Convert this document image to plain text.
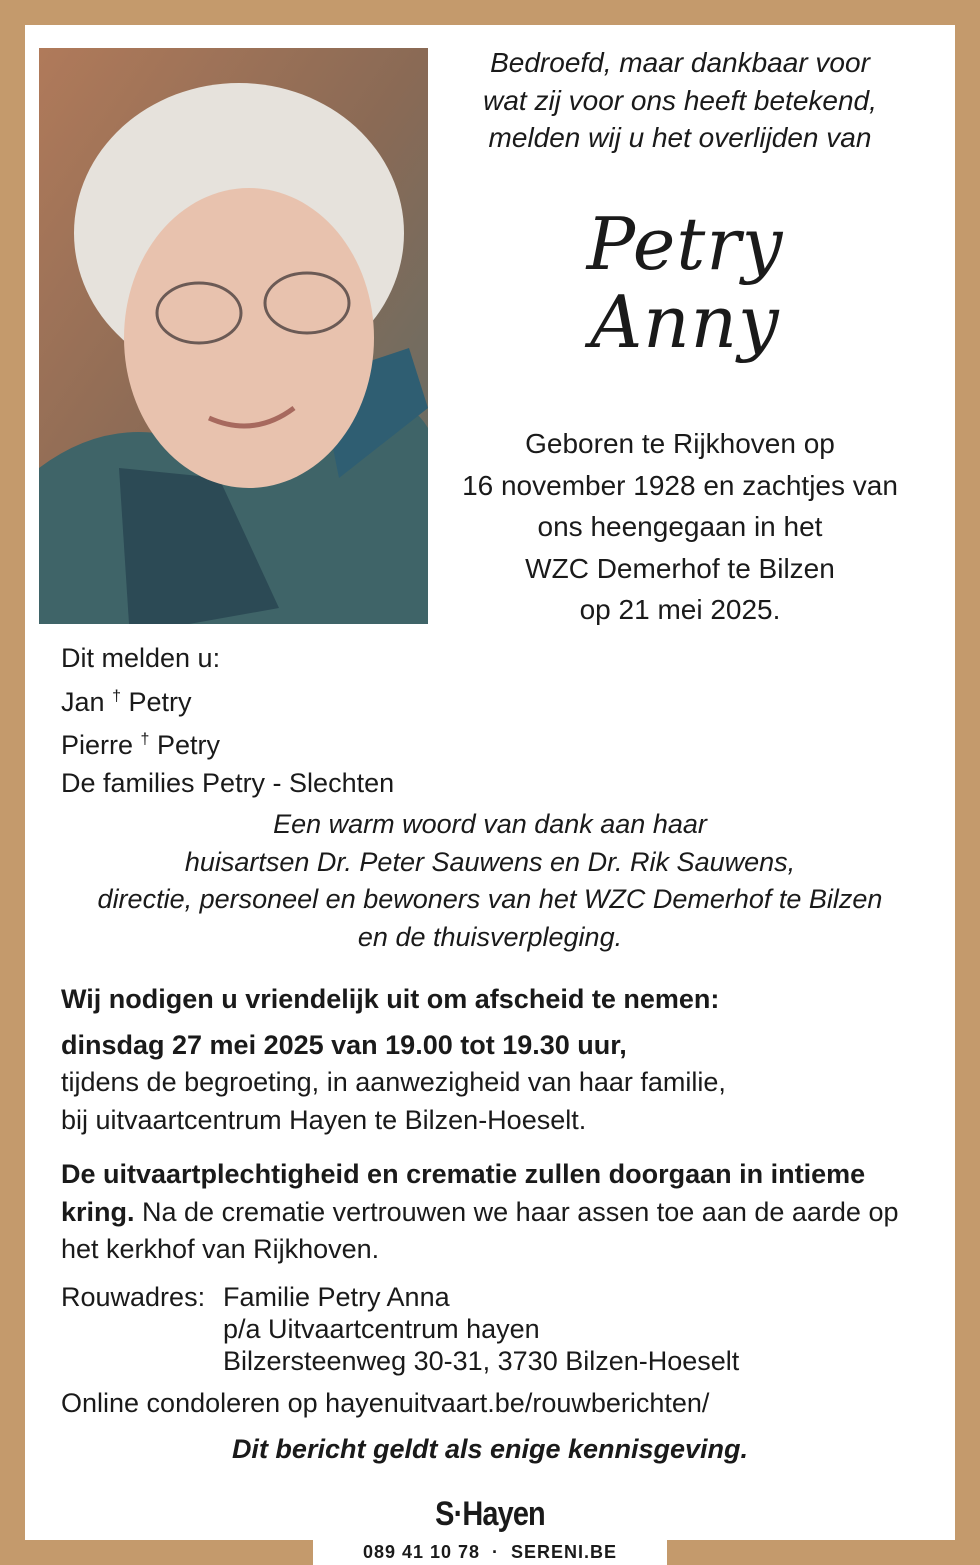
Bedroefd, maar dankbaar voor
wat zij voor ons heeft betekend,
melden wij u het overlijden van
Petry
Anny
Geboren te Rijkhoven op
16 november 1928 en zachtjes van
ons heengegaan in het
WZC Demerhof te Bilzen
op 21 mei 2025.
Dit melden u:
Jan † Petry
Pierre † Petry
De families Petry - Slechten
Een warm woord van dank aan haar
huisartsen Dr. Peter Sauwens en Dr. Rik Sauwens,
directie, personeel en bewoners van het WZC Demerhof te Bilzen
en de thuisverpleging.
Wij nodigen u vriendelijk uit om afscheid te nemen:
dinsdag 27 mei 2025 van 19.00 tot 19.30 uur,
tijdens de begroeting, in aanwezigheid van haar familie,
bij uitvaartcentrum Hayen te Bilzen-Hoeselt.
De uitvaartplechtigheid en crematie zullen doorgaan in intieme kring. Na de crematie vertrouwen we haar assen toe aan de aarde op het kerkhof van Rijkhoven.
Rouwadres: Familie Petry Anna
p/a Uitvaartcentrum hayen
Bilzersteenweg 30-31, 3730 Bilzen-Hoeselt
Online condoleren op hayenuitvaart.be/rouwberichten/
Dit bericht geldt als enige kennisgeving.
S·Hayen
089 41 10 78  ·  SERENI.BE
